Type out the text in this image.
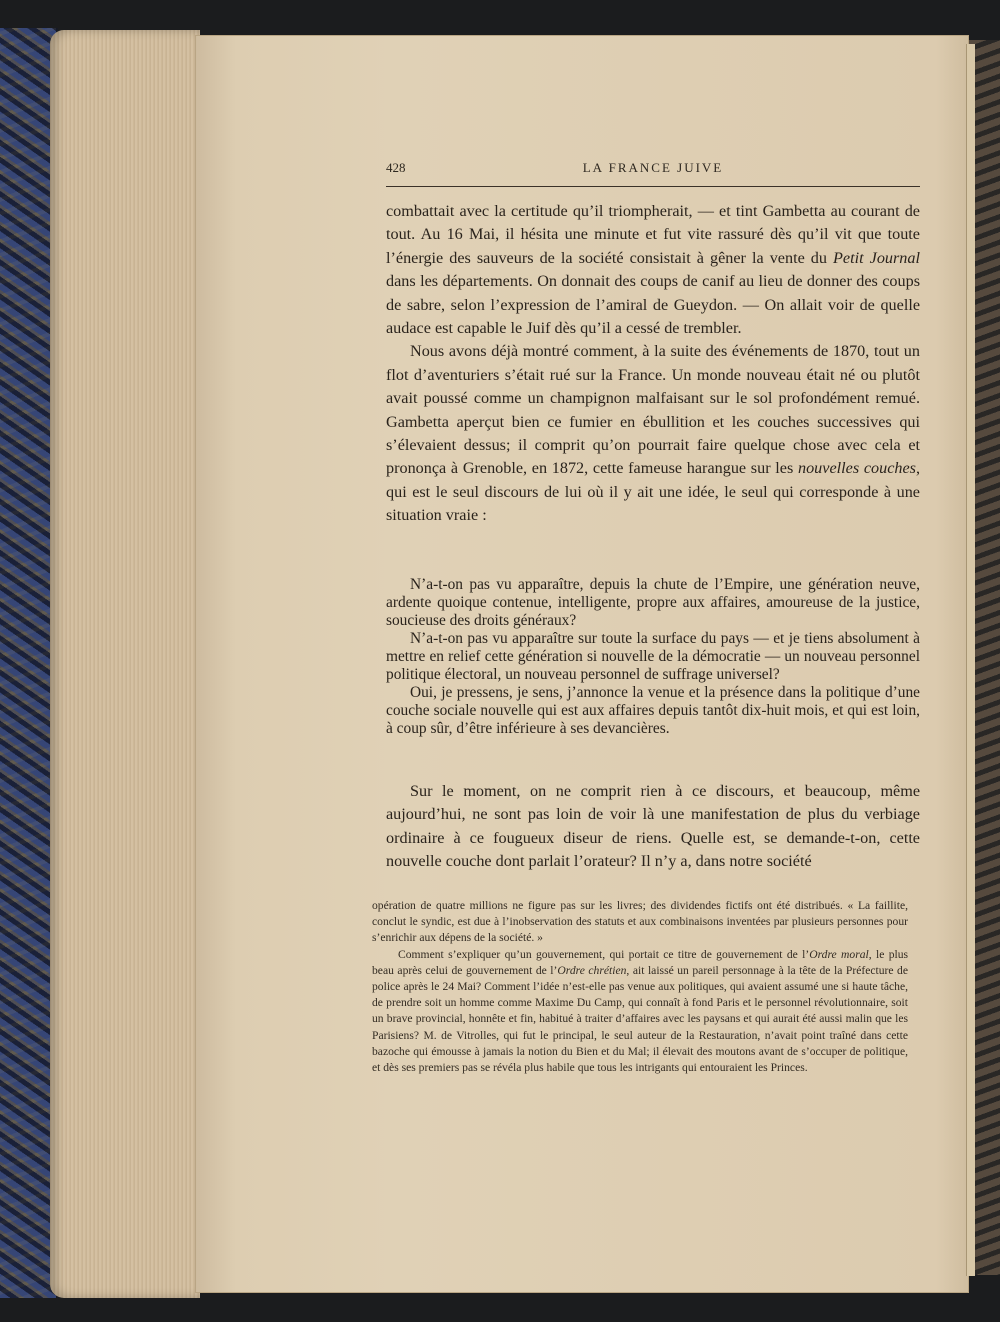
428	LA FRANCE JUIVE

combattait avec la certitude qu’il triompherait, — et tint Gambetta au courant de tout. Au 16 Mai, il hésita une minute et fut vite rassuré dès qu’il vit que toute l’énergie des sauveurs de la société consistait à gêner la vente du Petit Journal dans les départements. On donnait des coups de canif au lieu de donner des coups de sabre, selon l’expression de l’amiral de Gueydon. — On allait voir de quelle audace est capable le Juif dès qu’il a cessé de trembler.

Nous avons déjà montré comment, à la suite des événements de 1870, tout un flot d’aventuriers s’était rué sur la France. Un monde nouveau était né ou plutôt avait poussé comme un champignon malfaisant sur le sol profondément remué. Gambetta aperçut bien ce fumier en ébullition et les couches successives qui s’élevaient dessus; il comprit qu’on pourrait faire quelque chose avec cela et prononça à Grenoble, en 1872, cette fameuse harangue sur les nouvelles couches, qui est le seul discours de lui où il y ait une idée, le seul qui corresponde à une situation vraie :

N’a-t-on pas vu apparaître, depuis la chute de l’Empire, une génération neuve, ardente quoique contenue, intelligente, propre aux affaires, amoureuse de la justice, soucieuse des droits généraux?

N’a-t-on pas vu apparaître sur toute la surface du pays — et je tiens absolument à mettre en relief cette génération si nouvelle de la démocratie — un nouveau personnel politique électoral, un nouveau personnel de suffrage universel?

Oui, je pressens, je sens, j’annonce la venue et la présence dans la politique d’une couche sociale nouvelle qui est aux affaires depuis tantôt dix-huit mois, et qui est loin, à coup sûr, d’être inférieure à ses devancières.

Sur le moment, on ne comprit rien à ce discours, et beaucoup, même aujourd’hui, ne sont pas loin de voir là une manifestation de plus du verbiage ordinaire à ce fougueux diseur de riens. Quelle est, se demande-t-on, cette nouvelle couche dont parlait l’orateur? Il n’y a, dans notre société

opération de quatre millions ne figure pas sur les livres; des dividendes fictifs ont été distribués. « La faillite, conclut le syndic, est due à l’inobservation des statuts et aux combinaisons inventées par plusieurs personnes pour s’enrichir aux dépens de la société. »

Comment s’expliquer qu’un gouvernement, qui portait ce titre de gouvernement de l’Ordre moral, le plus beau après celui de gouvernement de l’Ordre chrétien, ait laissé un pareil personnage à la tête de la Préfecture de police après le 24 Mai? Comment l’idée n’est-elle pas venue aux politiques, qui avaient assumé une si haute tâche, de prendre soit un homme comme Maxime Du Camp, qui connaît à fond Paris et le personnel révolutionnaire, soit un brave provincial, honnête et fin, habitué à traiter d’affaires avec les paysans et qui aurait été aussi malin que les Parisiens? M. de Vitrolles, qui fut le principal, le seul auteur de la Restauration, n’avait point traîné dans cette bazoche qui émousse à jamais la notion du Bien et du Mal; il élevait des moutons avant de s’occuper de politique, et dès ses premiers pas se révéla plus habile que tous les intrigants qui entouraient les Princes.
